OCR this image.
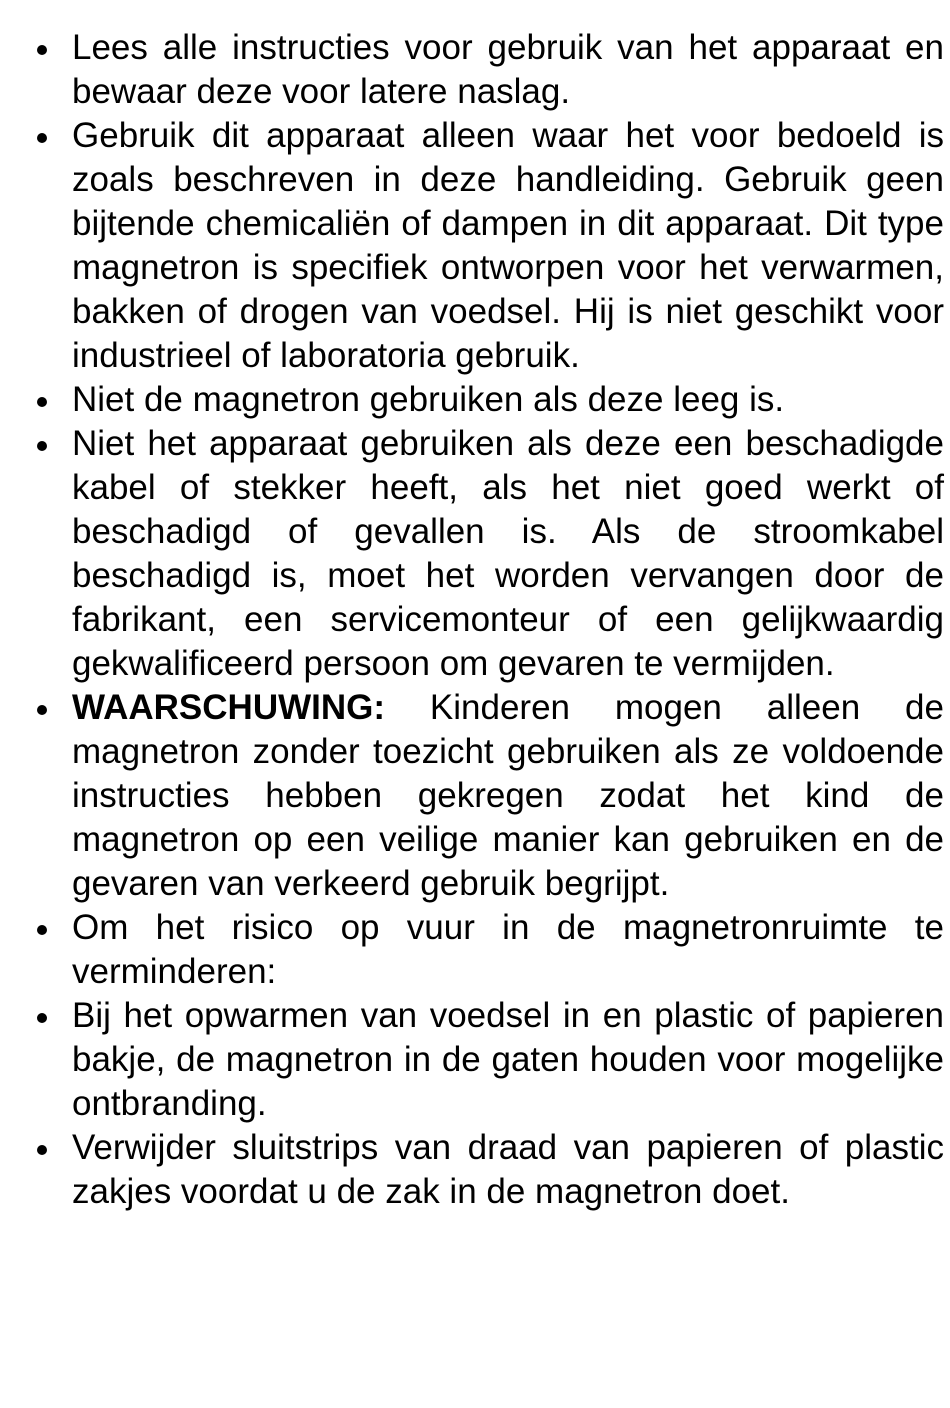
Lees alle instructies voor gebruik van het apparaat en bewaar deze voor latere naslag.
Gebruik dit apparaat alleen waar het voor bedoeld is zoals beschreven in deze handleiding. Gebruik geen bijtende chemicaliën of dampen in dit apparaat. Dit type magnetron is specifiek ontworpen voor het verwarmen, bakken of drogen van voedsel. Hij is niet geschikt voor industrieel of laboratoria gebruik.
Niet de magnetron gebruiken als deze leeg is.
Niet het apparaat gebruiken als deze een beschadigde kabel of stekker heeft, als het niet goed werkt of beschadigd of gevallen is. Als de stroomkabel beschadigd is, moet het worden vervangen door de fabrikant, een servicemonteur of een gelijkwaardig gekwalificeerd persoon om gevaren te vermijden.
WAARSCHUWING: Kinderen mogen alleen de magnetron zonder toezicht gebruiken als ze voldoende instructies hebben gekregen zodat het kind de magnetron op een veilige manier kan gebruiken en de gevaren van verkeerd gebruik begrijpt.
Om het risico op vuur in de magnetronruimte te verminderen:
Bij het opwarmen van voedsel in en plastic of papieren bakje, de magnetron in de gaten houden voor mogelijke ontbranding.
Verwijder sluitstrips van draad van papieren of plastic zakjes voordat u de zak in de magnetron doet.
